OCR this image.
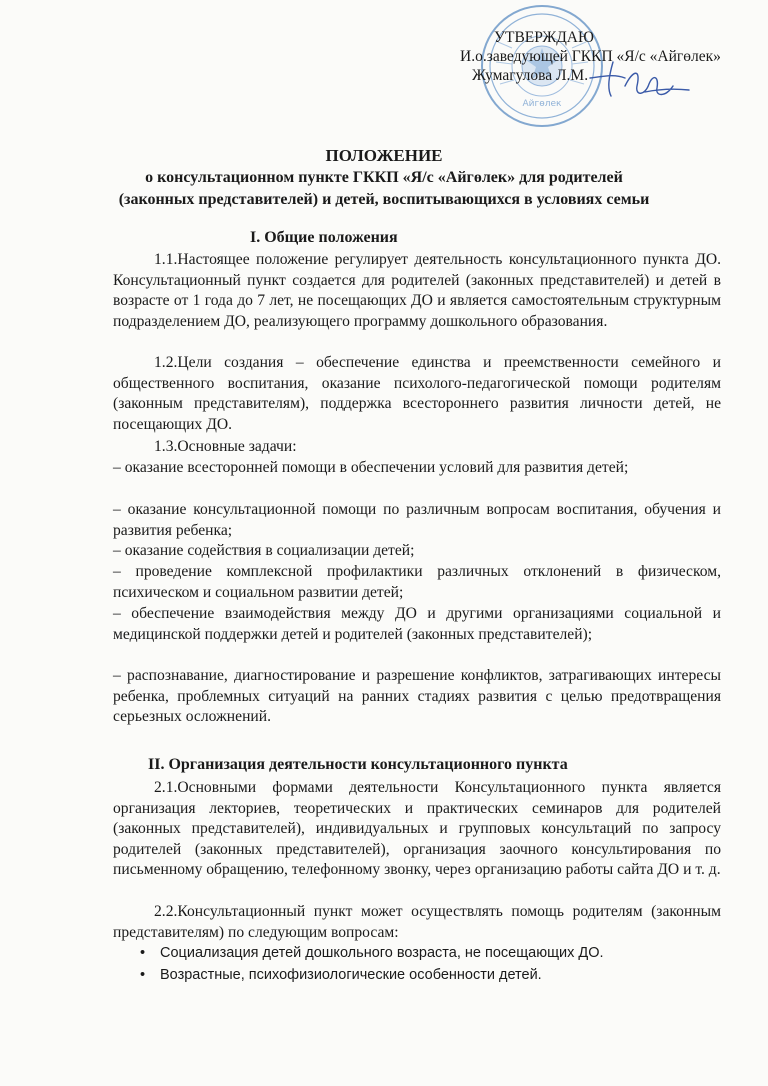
Айгөлек
УТВЕРЖДАЮ
И.о.заведующей ГККП «Я/с «Айгөлек»
Жумагулова Л.М.
ПОЛОЖЕНИЕ
о консультационном пункте ГККП «Я/с «Айгөлек» для родителей
(законных представителей) и детей, воспитывающихся в условиях семьи
I. Общие положения

1.1.Настоящее положение регулирует деятельность консультационного пункта ДО. Консультационный пункт создается для родителей (законных представителей) и детей в возрасте от 1 года до 7 лет, не посещающих ДО и является самостоятельным структурным подразделением ДО, реализующего программу дошкольного образования.

1.2.Цели создания – обеспечение единства и преемственности семейного и общественного воспитания, оказание психолого-педагогической помощи родителям (законным представителям), поддержка всестороннего развития личности детей, не посещающих ДО.

1.3.Основные задачи:

– оказание всесторонней помощи в обеспечении условий для развития детей;

– оказание консультационной помощи по различным вопросам воспитания, обучения и развития ребенка;

– оказание содействия в социализации детей;

– проведение комплексной профилактики различных отклонений в физическом, психическом и социальном развитии детей;

– обеспечение взаимодействия между ДО и другими организациями социальной и медицинской поддержки детей и родителей (законных представителей);

– распознавание, диагностирование и разрешение конфликтов, затрагивающих интересы ребенка, проблемных ситуаций на ранних стадиях развития с целью предотвращения серьезных осложнений.

II. Организация деятельности консультационного пункта

2.1.Основными формами деятельности Консультационного пункта является организация лекториев, теоретических и практических семинаров для родителей (законных представителей), индивидуальных и групповых консультаций по запросу родителей (законных представителей), организация заочного консультирования по письменному обращению, телефонному звонку, через организацию работы сайта ДО и т. д.

2.2.Консультационный пункт может осуществлять помощь родителям (законным представителям) по следующим вопросам:

• Социализация детей дошкольного возраста, не посещающих ДО.
• Возрастные, психофизиологические особенности детей.
